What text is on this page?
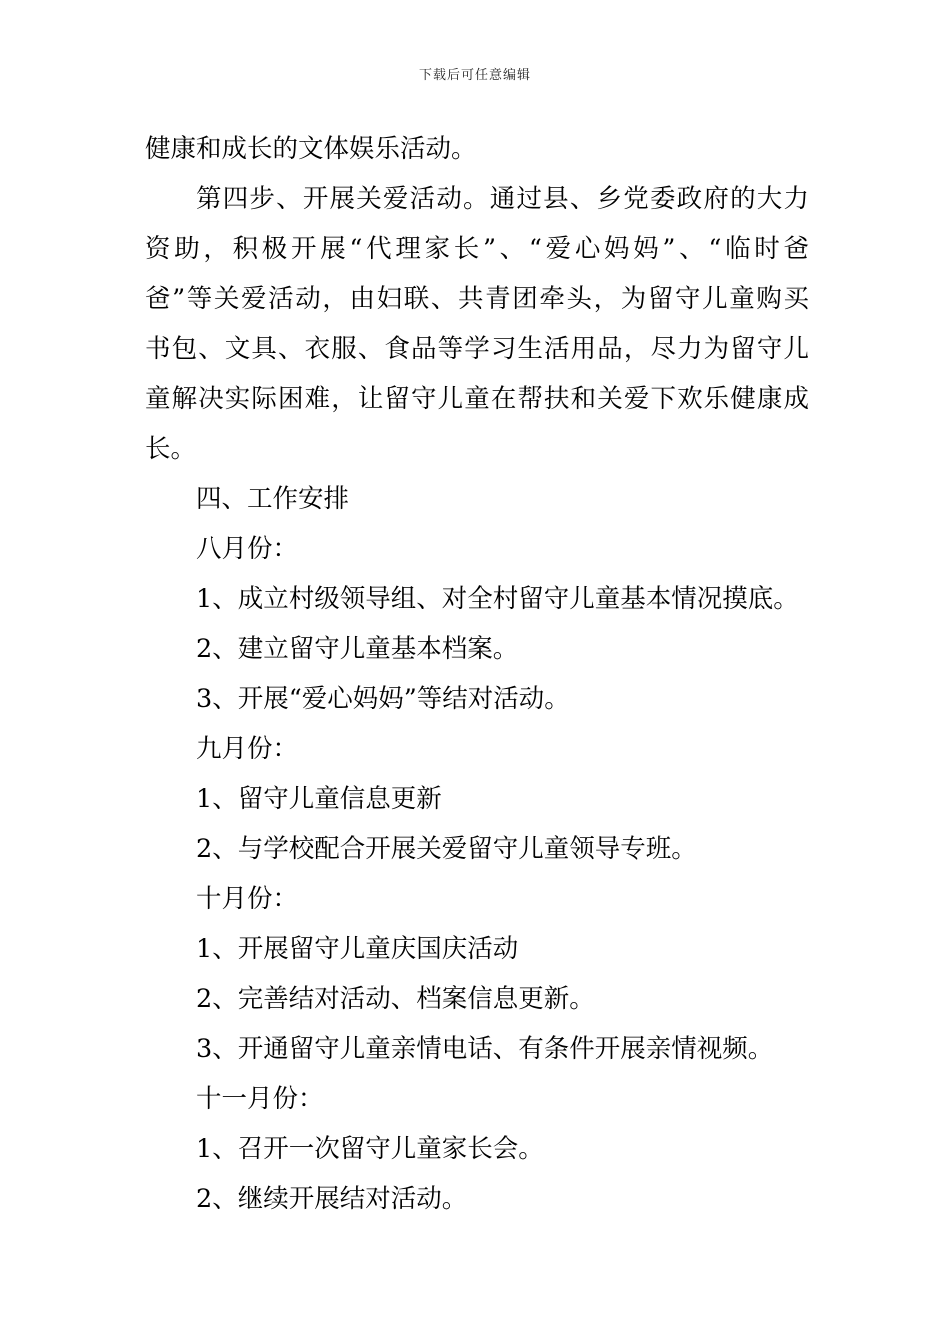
下载后可任意编辑
健康和成长的文体娱乐活动。
第四步、开展关爱活动。通过县、乡党委政府的大力
资助，积极开展“代理家长”、“爱心妈妈”、“临时爸
爸”等关爱活动，由妇联、共青团牵头，为留守儿童购买
书包、文具、衣服、食品等学习生活用品，尽力为留守儿
童解决实际困难，让留守儿童在帮扶和关爱下欢乐健康成
长。
四、工作安排
八月份：
1、成立村级领导组、对全村留守儿童基本情况摸底。
2、建立留守儿童基本档案。
3、开展“爱心妈妈”等结对活动。
九月份：
1、留守儿童信息更新
2、与学校配合开展关爱留守儿童领导专班。
十月份：
1、开展留守儿童庆国庆活动
2、完善结对活动、档案信息更新。
3、开通留守儿童亲情电话、有条件开展亲情视频。
十一月份：
1、召开一次留守儿童家长会。
2、继续开展结对活动。
